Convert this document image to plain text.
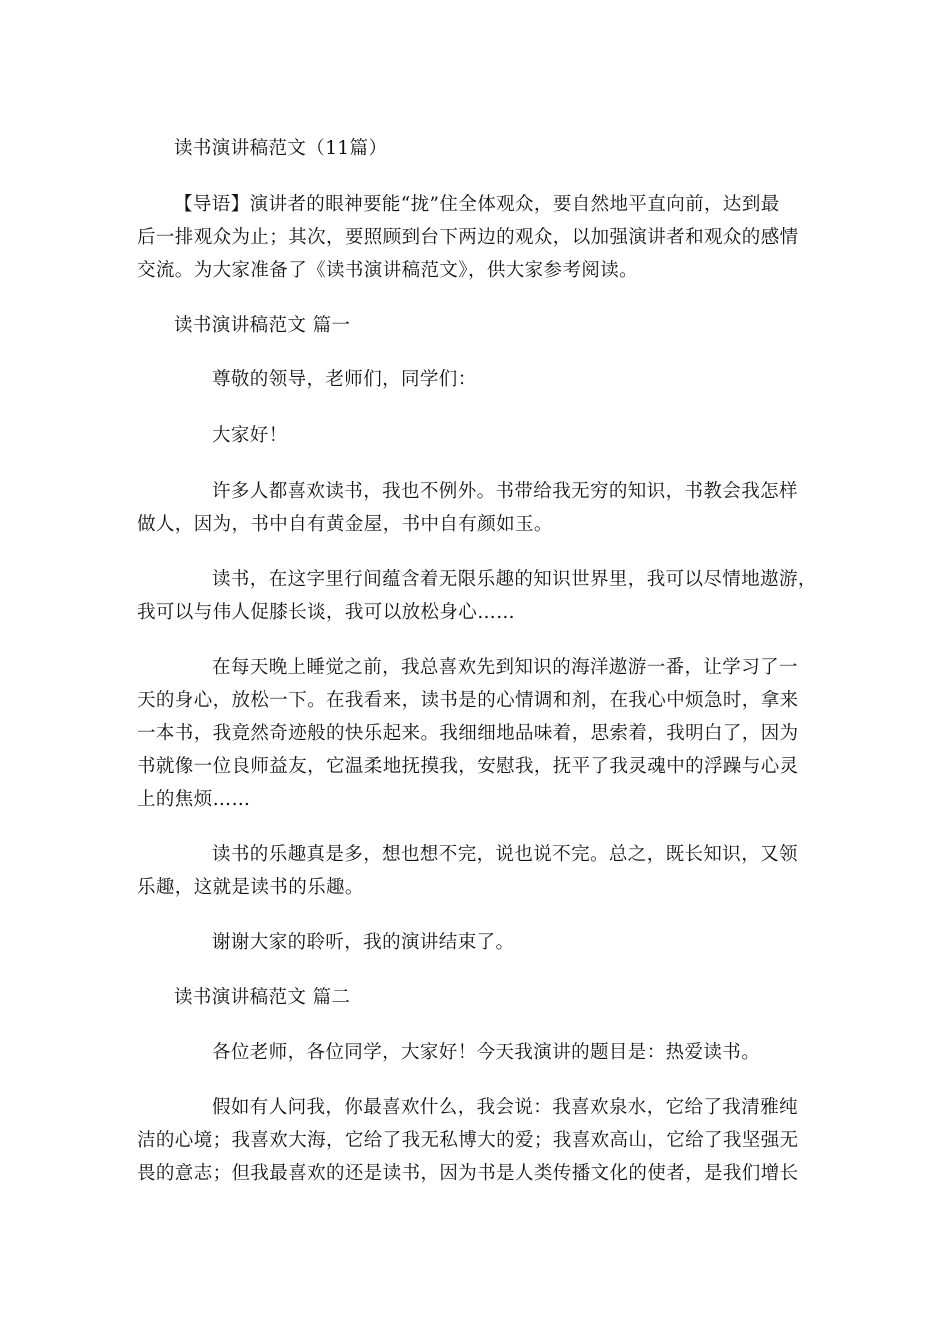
读书演讲稿范文（11篇）
【导语】演讲者的眼神要能“拢”住全体观众，要自然地平直向前，达到最
后一排观众为止；其次，要照顾到台下两边的观众，以加强演讲者和观众的感情
交流。为大家准备了《读书演讲稿范文》，供大家参考阅读。
读书演讲稿范文 篇一
尊敬的领导，老师们，同学们：
大家好！
许多人都喜欢读书，我也不例外。书带给我无穷的知识，书教会我怎样
做人，因为，书中自有黄金屋，书中自有颜如玉。
读书，在这字里行间蕴含着无限乐趣的知识世界里，我可以尽情地遨游，
我可以与伟人促膝长谈，我可以放松身心……
在每天晚上睡觉之前，我总喜欢先到知识的海洋遨游一番，让学习了一
天的身心，放松一下。在我看来，读书是的心情调和剂，在我心中烦急时，拿来
一本书，我竟然奇迹般的快乐起来。我细细地品味着，思索着，我明白了，因为
书就像一位良师益友，它温柔地抚摸我，安慰我，抚平了我灵魂中的浮躁与心灵
上的焦烦……
读书的乐趣真是多，想也想不完，说也说不完。总之，既长知识，又领
乐趣，这就是读书的乐趣。
谢谢大家的聆听，我的演讲结束了。
读书演讲稿范文 篇二
各位老师，各位同学，大家好！今天我演讲的题目是：热爱读书。
假如有人问我，你最喜欢什么，我会说：我喜欢泉水，它给了我清雅纯
洁的心境；我喜欢大海，它给了我无私博大的爱；我喜欢高山，它给了我坚强无
畏的意志；但我最喜欢的还是读书，因为书是人类传播文化的使者，是我们增长
